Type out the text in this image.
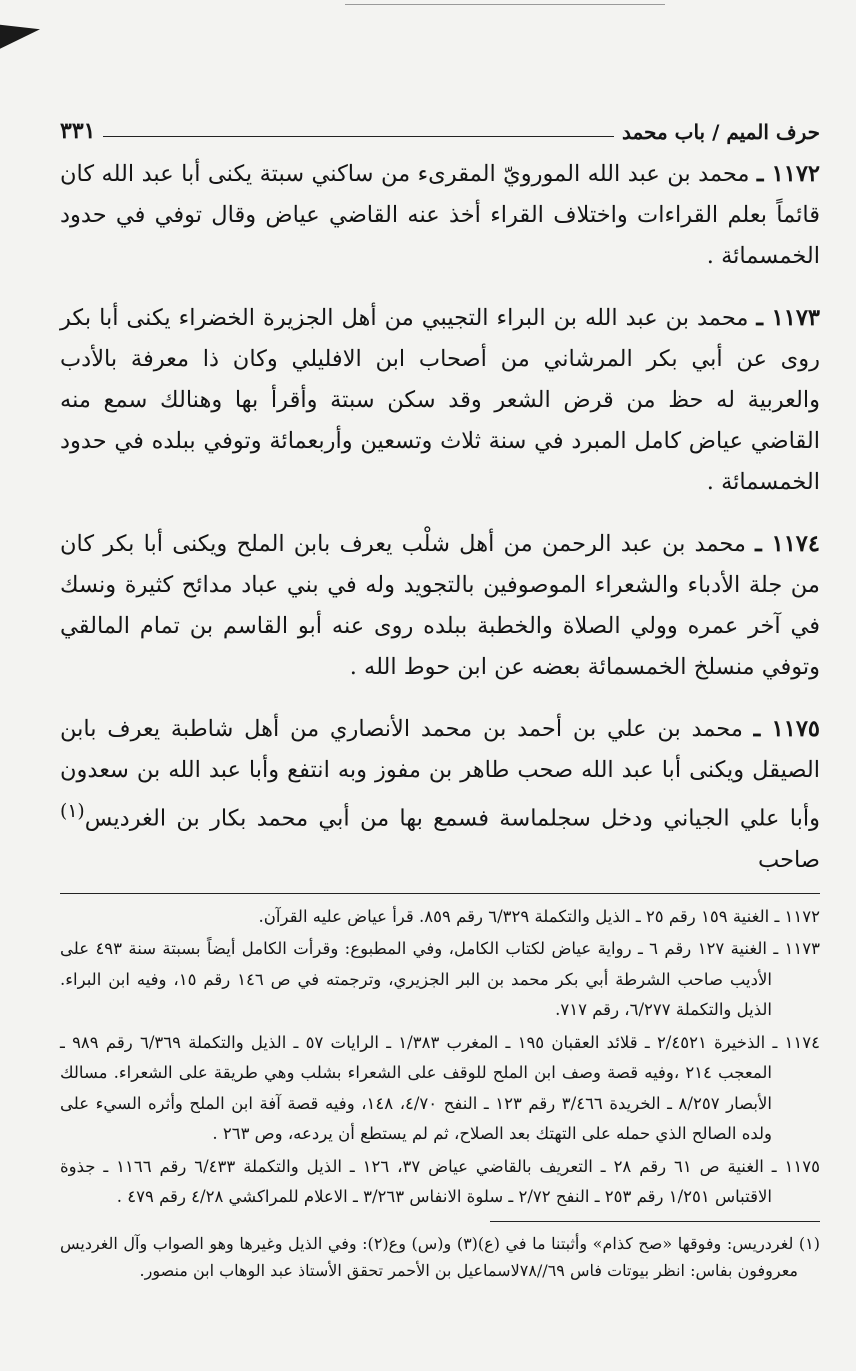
حرف الميم / باب محمد
٣٣١

١١٧٢ ـ محمد بن عبد الله المورويّ المقرىء من ساكني سبتة يكنى أبا عبد الله كان قائماً بعلم القراءات واختلاف القراء أخذ عنه القاضي عياض وقال توفي في حدود الخمسمائة .

١١٧٣ ـ محمد بن عبد الله بن البراء التجيبي من أهل الجزيرة الخضراء يكنى أبا بكر روى عن أبي بكر المرشاني من أصحاب ابن الافليلي وكان ذا معرفة بالأدب والعربية له حظ من قرض الشعر وقد سكن سبتة وأقرأ بها وهنالك سمع منه القاضي عياض كامل المبرد في سنة ثلاث وتسعين وأربعمائة وتوفي ببلده في حدود الخمسمائة .

١١٧٤ ـ محمد بن عبد الرحمن من أهل شلْب يعرف بابن الملح ويكنى أبا بكر كان من جلة الأدباء والشعراء الموصوفين بالتجويد وله في بني عباد مدائح كثيرة ونسك في آخر عمره وولي الصلاة والخطبة ببلده روى عنه أبو القاسم بن تمام المالقي وتوفي منسلخ الخمسمائة بعضه عن ابن حوط الله .

١١٧٥ ـ محمد بن علي بن أحمد بن محمد الأنصاري من أهل شاطبة يعرف بابن الصيقل ويكنى أبا عبد الله صحب طاهر بن مفوز وبه انتفع وأبا عبد الله بن سعدون وأبا علي الجياني ودخل سجلماسة فسمع بها من أبي محمد بكار بن الغرديس$^{(١)}$ صاحب

١١٧٢ ـ الغنية ١٥٩ رقم ٢٥ ـ الذيل والتكملة ٦/٣٢٩ رقم ٨٥٩. قرأ عياض عليه القرآن.

١١٧٣ ـ الغنية ١٢٧ رقم ٦ ـ رواية عياض لكتاب الكامل، وفي المطبوع: وقرأت الكامل أيضاً بسبتة سنة ٤٩٣ على الأديب صاحب الشرطة أبي بكر محمد بن البر الجزيري، وترجمته في ص ١٤٦ رقم ١٥، وفيه ابن البراء. الذيل والتكملة ٦/٢٧٧، رقم ٧١٧.

١١٧٤ ـ الذخيرة ٢/٤٥٢١ ـ قلائد العقبان ١٩٥ ـ المغرب ١/٣٨٣ ـ الرايات ٥٧ ـ الذيل والتكملة ٦/٣٦٩ رقم ٩٨٩ ـ المعجب ٢١٤ ،وفيه قصة وصف ابن الملح للوقف على الشعراء بشلب وهي طريقة على الشعراء. مسالك الأبصار ٨/٢٥٧ ـ الخريدة ٣/٤٦٦ رقم ١٢٣ ـ النفح ٤/٧٠، ١٤٨، وفيه قصة آفة ابن الملح وأثره السيء على ولده الصالح الذي حمله على التهتك بعد الصلاح، ثم لم يستطع أن يردعه، وص ٢٦٣ .

١١٧٥ ـ الغنية ص ٦١ رقم ٢٨ ـ التعريف بالقاضي عياض ٣٧، ١٢٦ ـ الذيل والتكملة ٦/٤٣٣ رقم ١١٦٦ ـ جذوة الاقتباس ١/٢٥١ رقم ٢٥٣ ـ النفح ٢/٧٢ ـ سلوة الانفاس ٣/٢٦٣ ـ الاعلام للمراكشي ٤/٢٨ رقم ٤٧٩ .

(١) لغردريس: وفوقها «صح كذام» وأثبتنا ما في (ع)(٣) و(س) وع(٢): وفي الذيل وغيرها وهو الصواب وآل الغرديس معروفون بفاس: انظر بيوتات فاس ٦٩//٧٨لاسماعيل بن الأحمر تحقق الأستاذ عبد الوهاب ابن منصور.
